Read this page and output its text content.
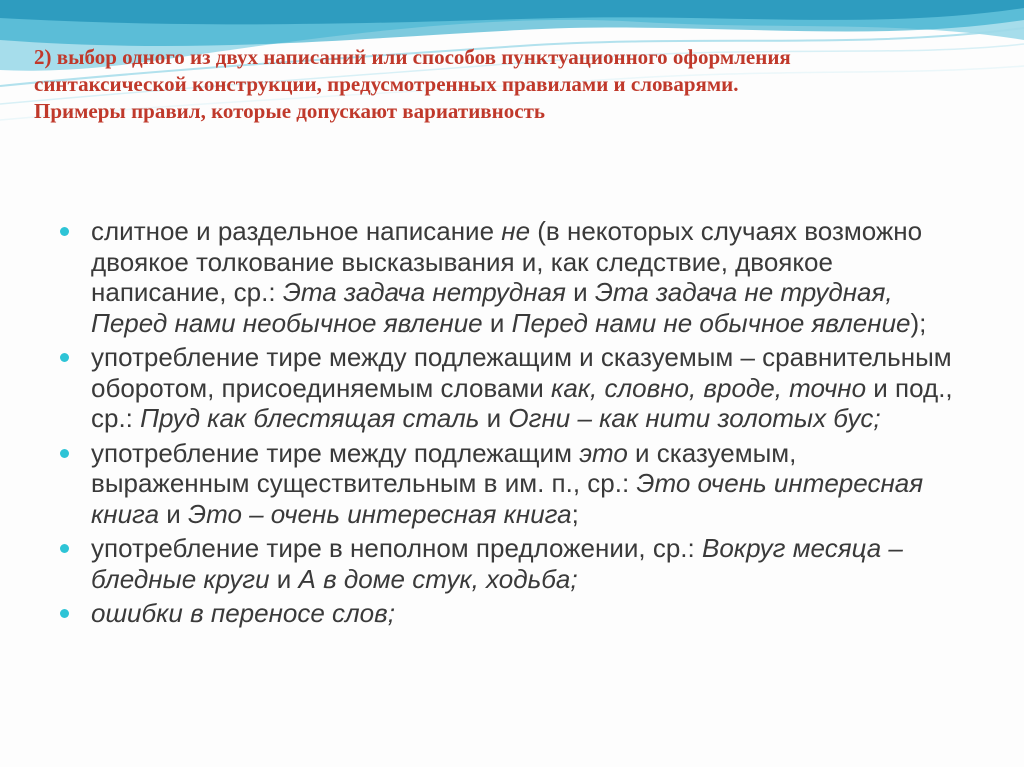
2) выбор одного из двух написаний или способов пунктуационного оформления

синтаксической конструкции, предусмотренных правилами и словарями.

Примеры правил, которые допускают вариативность

слитное и раздельное написание не (в некоторых случаях возможно двоякое толкование высказывания и, как следствие, двоякое написание, ср.: Эта задача нетрудная и Эта задача не трудная, Перед нами необычное явление и Перед нами не обычное явление);
употребление тире между подлежащим и сказуемым – сравнительным оборотом, присоединяемым словами как, словно, вроде, точно и под., ср.: Пруд как блестящая сталь и Огни – как нити золотых бус;
употребление тире между подлежащим это и сказуемым, выраженным существительным в им. п., ср.: Это очень интересная книга и Это – очень интересная книга;
употребление тире в неполном предложении, ср.: Вокруг месяца – бледные круги и А в доме стук, ходьба;
ошибки в переносе слов;
